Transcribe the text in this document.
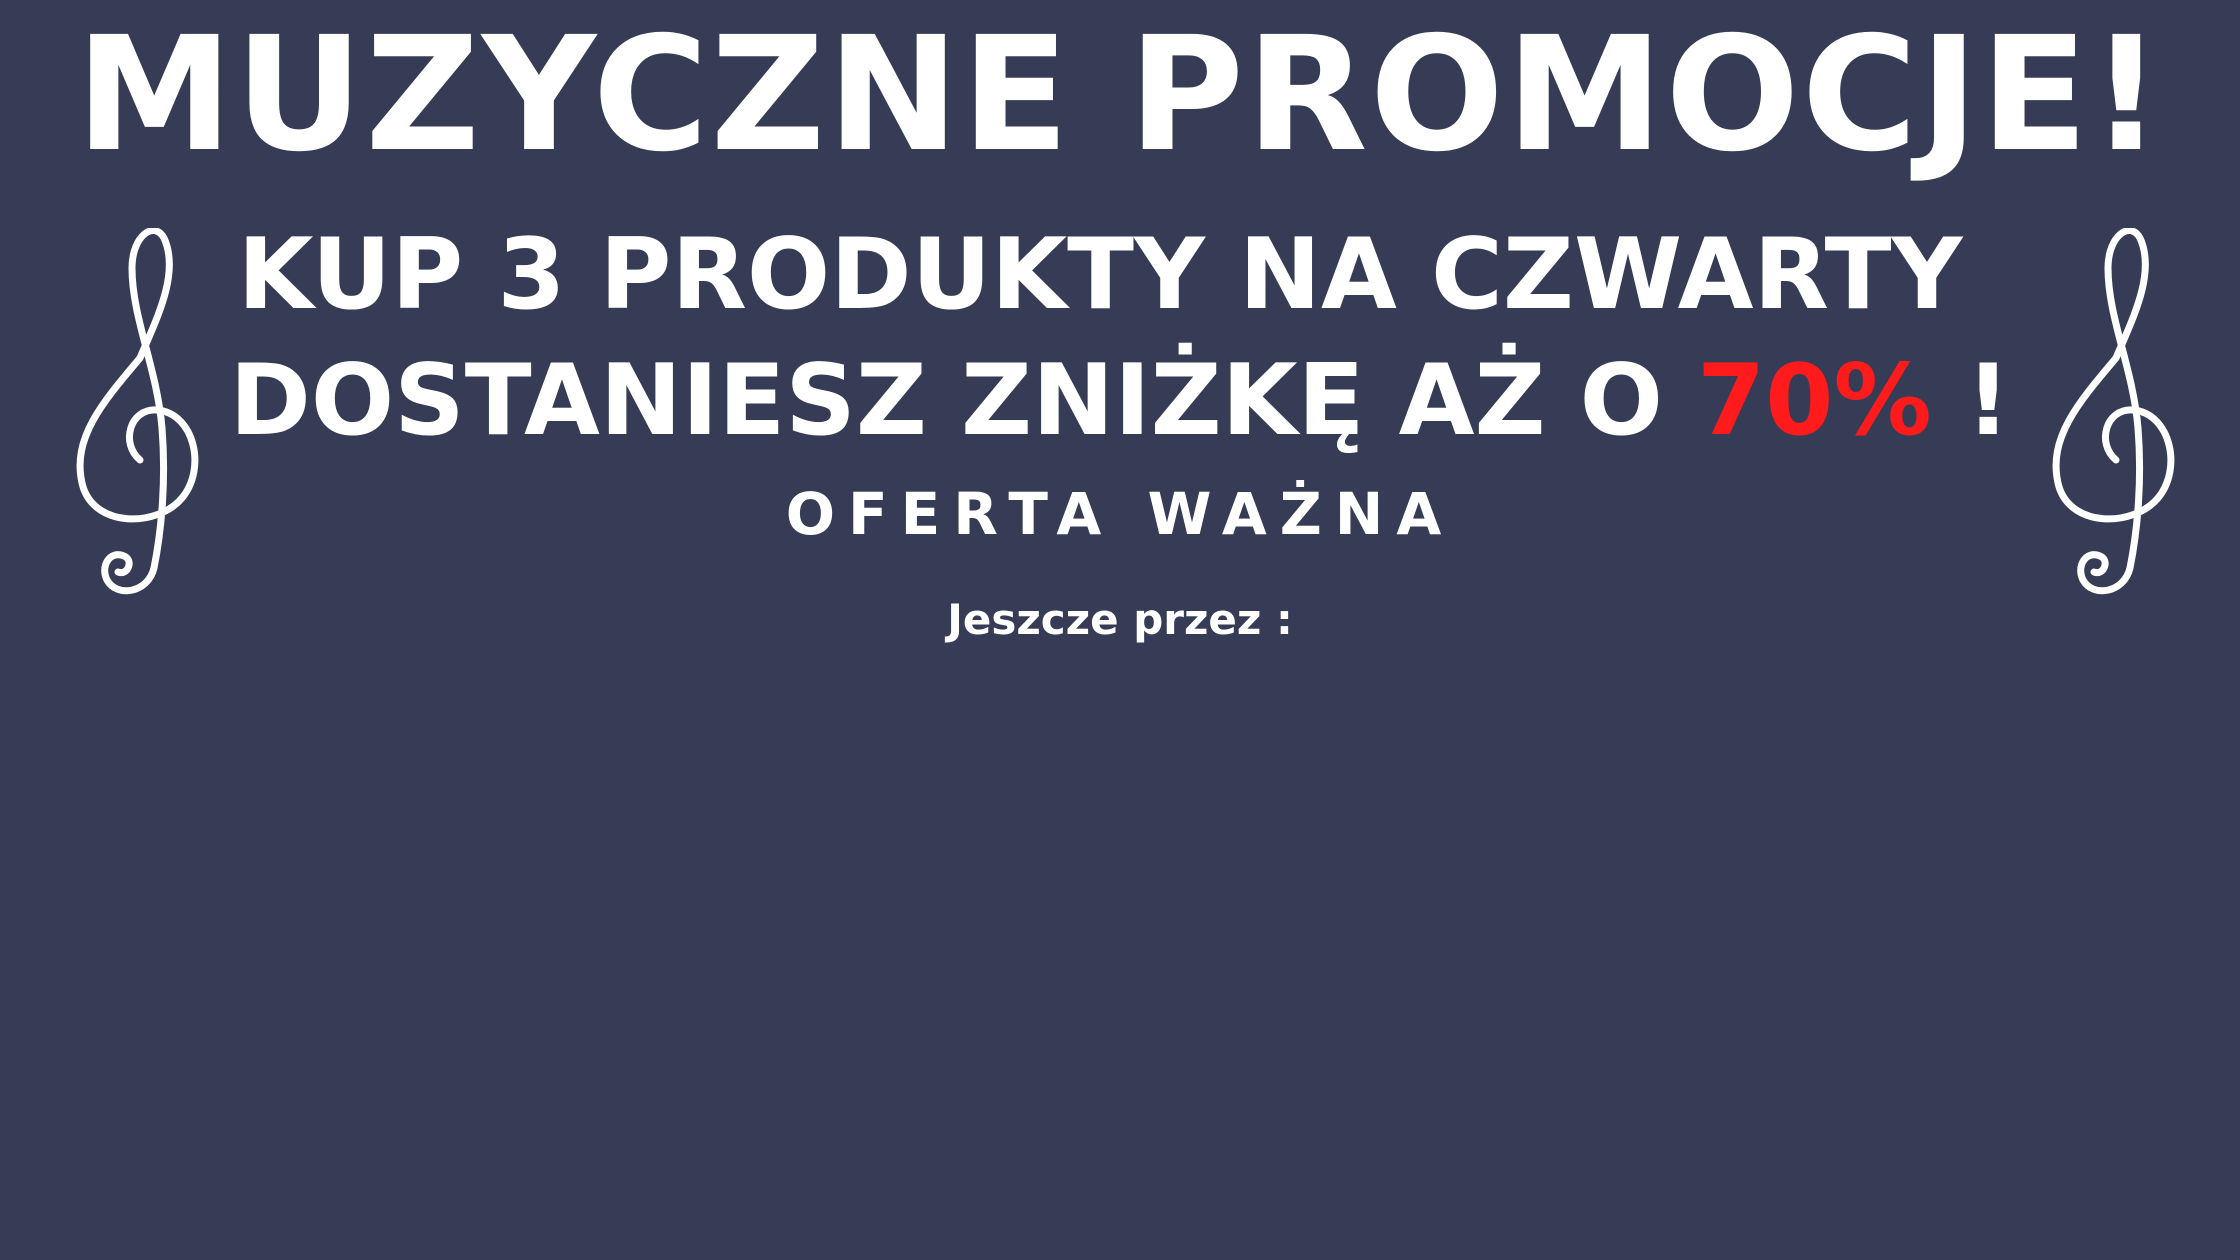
MUZYCZNE PROMOCJE!

KUP 3 PRODUKTY NA CZWARTY

DOSTANIESZ ZNIŻKĘ AŻ O 70% !

OFERTA WAŻNA

Jeszcze przez :
